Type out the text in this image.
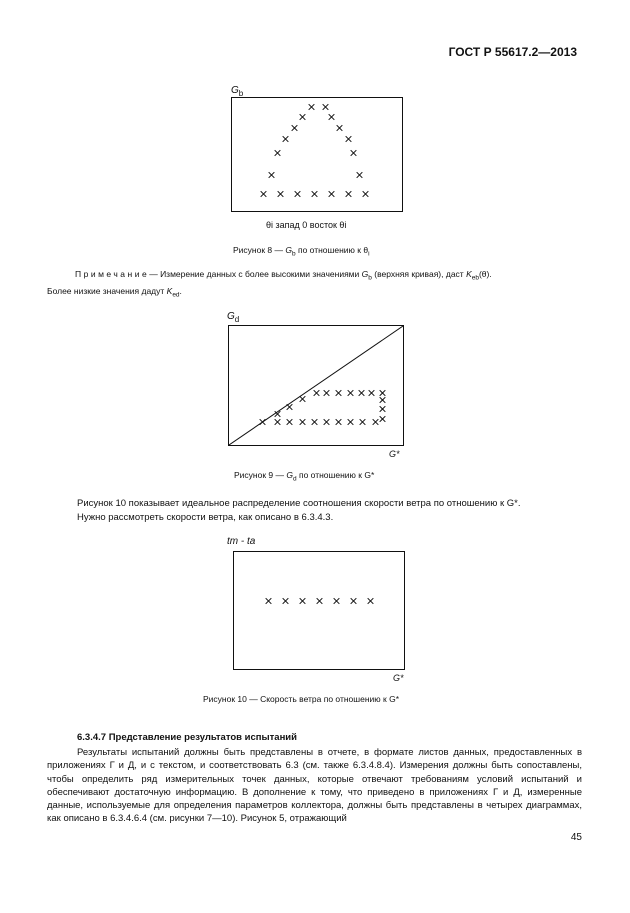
ГОСТ Р 55617.2—2013
$G_b$
θi запад 0 восток θi
Рисунок 8 — $G_b$ по отношению к $\theta_i$
Примечание— Измерение данных с более высокими значениями $G_b$ (верхняя кривая), даст $K_{eb}(\theta)$.
Более низкие значения дадут $K_{ed}$.
$G_d$
G*
Рисунок 9 — $G_d$ по отношению к G*

Рисунок 10 показывает идеальное распределение соотношения скорости ветра по отношению к G*.

Нужно рассмотреть скорости ветра, как описано в 6.3.4.3.

tm - ta
G*
Рисунок 10 — Скорость ветра по отношению к G*
6.3.4.7 Представление результатов испытаний
Результаты испытаний должны быть представлены в отчете, в формате листов данных, предоставленных в приложениях Г и Д, и с текстом, и соответствовать 6.3 (см. также 6.3.4.8.4). Измерения должны быть сопоставлены, чтобы определить ряд измерительных точек данных, которые отвечают требованиям условий испытаний и обеспечивают достаточную информацию. В дополнение к тому, что приведено в приложениях Г и Д, измеренные данные, используемые для определения параметров коллектора, должны быть представлены в четырех диаграммах, как описано в 6.3.4.6.4 (см. рисунки 7—10). Рисунок 5, отражающий
45
